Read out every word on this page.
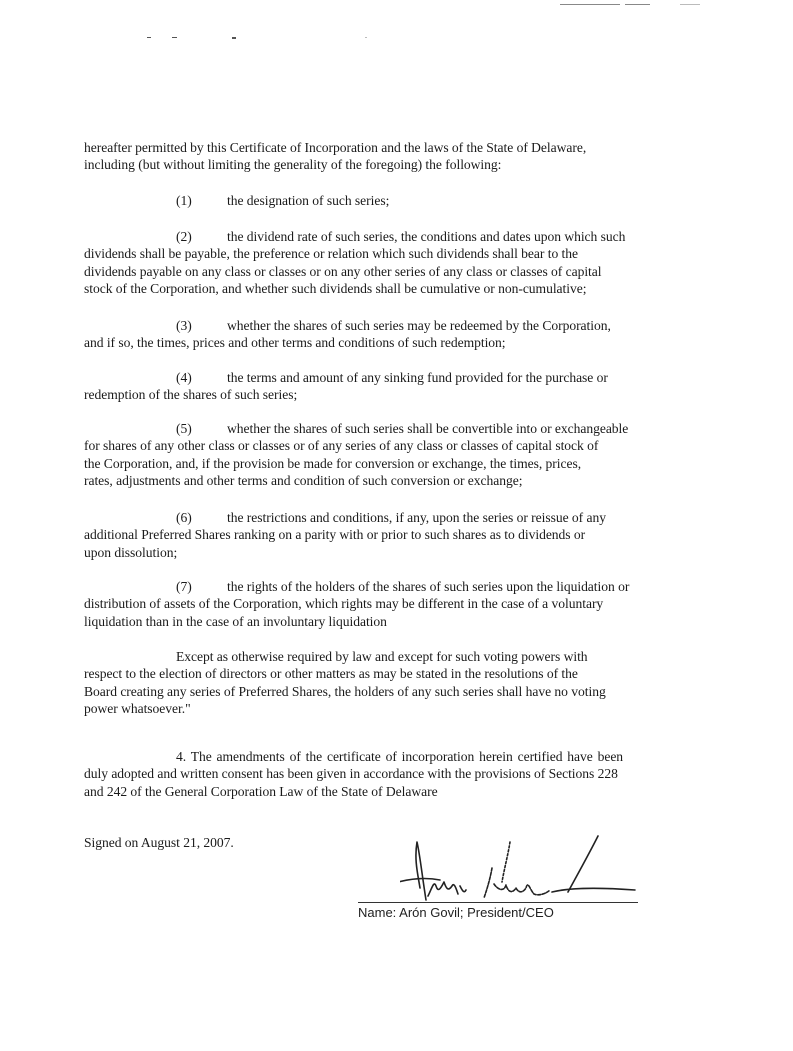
hereafter permitted by this Certificate of Incorporation and the laws of the State of Delaware,
including (but without limiting the generality of the foregoing) the following:
(1)	the designation of such series;
(2)	the dividend rate of such series, the conditions and dates upon which such
dividends shall be payable, the preference or relation which such dividends shall bear to the
dividends payable on any class or classes or on any other series of any class or classes of capital
stock of the Corporation, and whether such dividends shall be cumulative or non-cumulative;
(3)	whether the shares of such series may be redeemed by the Corporation,
and if so, the times, prices and other terms and conditions of such redemption;
(4)	the terms and amount of any sinking fund provided for the purchase or
redemption of the shares of such series;
(5)	whether the shares of such series shall be convertible into or exchangeable
for shares of any other class or classes or of any series of any class or classes of capital stock of
the Corporation, and, if the provision be made for conversion or exchange, the times, prices,
rates, adjustments and other terms and condition of such conversion or exchange;
(6)	the restrictions and conditions, if any, upon the series or reissue of any
additional Preferred Shares ranking on a parity with or prior to such shares as to dividends or
upon dissolution;
(7)	the rights of the holders of the shares of such series upon the liquidation or
distribution of assets of the Corporation, which rights may be different in the case of a voluntary
liquidation than in the case of an involuntary liquidation
Except as otherwise required by law and except for such voting powers with
respect to the election of directors or other matters as may be stated in the resolutions of the
Board creating any series of Preferred Shares, the holders of any such series shall have no voting
power whatsoever."
4. The amendments of the certificate of incorporation herein certified have been
duly adopted and written consent has been given in accordance with the provisions of Sections 228
and 242 of the General Corporation Law of the State of Delaware
Signed on August 21, 2007.
Name: Arón Govil; President/CEO
